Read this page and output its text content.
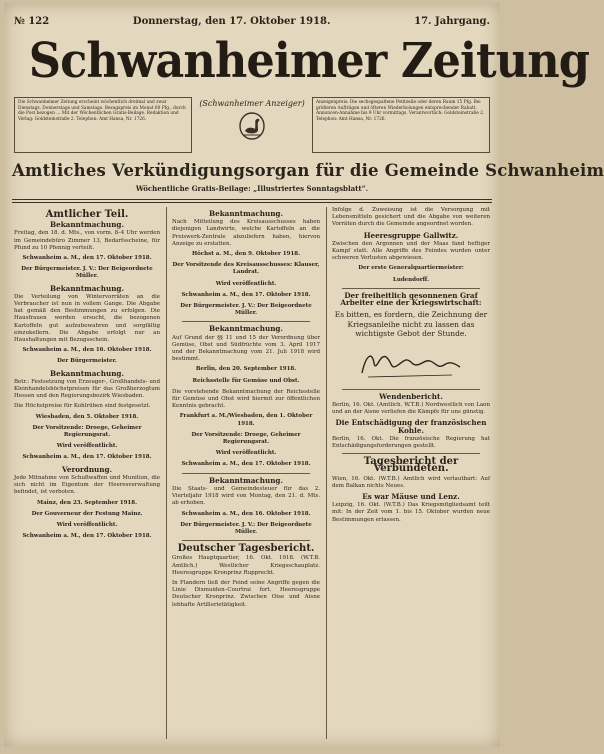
№ 122	Donnerstag, den 17. Oktober 1918.	17. Jahrgang.
Schwanheimer Zeitung
Die Schwanheimer Zeitung erscheint wöchentlich dreimal und zwar Dienstags, Donnerstags und Samstags. Bezugspreis im Monat 60 Pfg., durch die Post bezogen … Mit der Wöchentlichen Gratis-Beilage. Redaktion und Verlag: Goldsteinstraße 2. Telephon: Amt Hansa, Nr. 1726.
(Schwanheimer Anzeiger)	Anzeigenpreis: Die sechsgespaltene Petitzeile oder deren Raum 15 Pfg. Bei größeren Aufträgen und öfteren Wiederholungen entsprechender Rabatt. Annoncen-Annahme bis 9 Uhr vormittags. Verantwortlich: Goldsteinstraße 2. Telephon: Amt Hansa, Nr. 1726.
Amtliches Verkündigungsorgan für die Gemeinde Schwanheim
Wöchentliche Gratis-Beilage: „Illustriertes Sonntagsblatt“.
Amtlicher Teil.
Bekanntmachung.

Freitag, den 18. d. Mts., von vorm. 8–4 Uhr werden im Gemeindebüro Zimmer 13, Bedarfsscheine, für Pfund zu 10 Pfennig verteilt.

Schwanheim a. M., den 17. Oktober 1918.
Der Bürgermeister. J. V.: Der Beigeordnete Müller.
Bekanntmachung.

Die Verteilung von Wintervorräten an die Verbraucher ist nun in vollem Gange. Die Abgabe hat gemäß den Bestimmungen zu erfolgen. Die Hausfrauen werden ersucht, die bezogenen Kartoffeln gut aufzubewahren und sorgfältig einzukellern. Die Abgabe erfolgt nur an Haushaltungen mit Bezugsschein.

Schwanheim a. M., den 16. Oktober 1918.
Der Bürgermeister.
Bekanntmachung.

Betr.: Festsetzung von Erzeuger-, Großhandels- und Kleinhandelshöchstpreisen für das Großherzogtum Hessen und den Regierungsbezirk Wiesbaden.

Die Höchstpreise für Kohlrüben sind festgesetzt.

Wiesbaden, den 5. Oktober 1918.
Der Vorsitzende: Droege, Geheimer Regierungsrat.
Wird veröffentlicht.
Schwanheim a. M., den 17. Oktober 1918.
Verordnung.

Jede Mitnahme von Schußwaffen und Munition, die sich nicht im Eigentum der Heeresverwaltung befindet, ist verboten.

Mainz, den 23. September 1918.
Der Gouverneur der Festung Mainz.
Wird veröffentlicht.
Schwanheim a. M., den 17. Oktober 1918.
Bekanntmachung.

Nach Mitteilung des Kreisausschusses haben diejenigen Landwirte, welche Kartoffeln an die Preiswerk-Zentrale abzuliefern haben, hiervon Anzeige zu erstatten.

Höchst a. M., den 9. Oktober 1918.
Der Vorsitzende des Kreisausschusses: Klauser, Landrat.
Wird veröffentlicht.
Schwanheim a. M., den 17. Oktober 1918.
Der Bürgermeister. J. V.: Der Beigeordnete Müller.
Bekanntmachung.

Auf Grund der §§ 11 und 15 der Verordnung über Gemüse, Obst und Südfrüchte vom 3. April 1917 und der Bekanntmachung vom 21. Juli 1918 wird bestimmt.

Berlin, den 20. September 1918.
Reichsstelle für Gemüse und Obst.

Die vorstehende Bekanntmachung der Reichsstelle für Gemüse und Obst wird hiermit zur öffentlichen Kenntnis gebracht.

Frankfurt a. M./Wiesbaden, den 1. Oktober 1918.
Der Vorsitzende: Droege, Geheimer Regierungsrat.
Wird veröffentlicht.
Schwanheim a. M., den 17. Oktober 1918.
Bekanntmachung.

Die Staats- und Gemeindesteuer für das 2. Vierteljahr 1918 wird von Montag, den 21. d. Mts. ab erhoben.

Schwanheim a. M., den 16. Oktober 1918.
Der Bürgermeister. J. V.: Der Beigeordnete Müller.
Deutscher Tagesbericht.

Großes Hauptquartier, 16. Okt. 1918. (W.T.B. Amtlich.) Westlicher Kriegsschauplatz. Heeresgruppe Kronprinz Rupprecht.

In Flandern ließ der Feind seine Angriffe gegen die Linie Dixmuiden–Courtrai fort. Heeresgruppe Deutscher Kronprinz. Zwischen Oise und Aisne lebhafte Artillerietätigkeit.

Infolge d. Zuweisung ist die Versorgung mit Lebensmitteln gesichert und die Abgabe von weiteren Vorräten durch die Gemeinde angeordnet worden.

Heeresgruppe Gallwitz.

Zwischen den Argonnen und der Maas fand heftiger Kampf statt. Alle Angriffe des Feindes wurden unter schweren Verlusten abgewiesen.

Der erste Generalquartiermeister:
Ludendorff.
Der freiheitlich gesonnenen Graf Arbeiter eine der Kriegswirtschaft:
Es bitten, es fordern, die Zeichnung der Kriegsanleihe nicht zu lassen das wichtigste Gebot der Stunde.
Wendenbericht.

Berlin, 16. Okt. (Amtlich. W.T.B.) Nordwestlich von Laon und an der Aisne verliefen die Kämpfe für uns günstig.

Die Entschädigung der französischen Kohle.

Berlin, 16. Okt. Die französische Regierung hat Entschädigungsforderungen gestellt.

Tagesbericht der Verbündeten.

Wien, 16. Okt. (W.T.B.) Amtlich wird verlautbart: Auf dem Balkan nichts Neues.

Es war Mäuse und Lenz.

Leipzig, 16. Okt. (W.T.B.) Das Kriegsmitgliedsamt teilt mit: In der Zeit vom 1. bis 15. Oktober wurden neue Bestimmungen erlassen.
